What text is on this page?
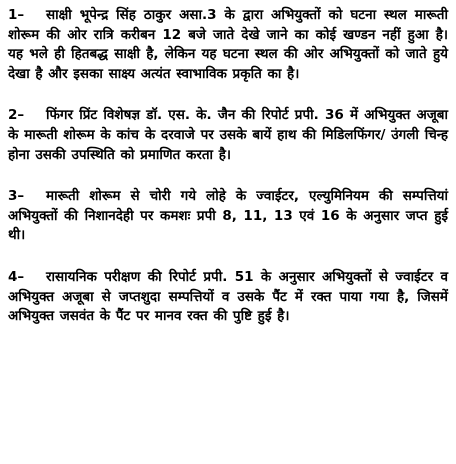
1– साक्षी भूपेन्द्र सिंह ठाकुर असा.3 के द्वारा अभियुक्तों को घटना स्थल मारूती शोरूम की ओर रात्रि करीबन 12 बजे जाते देखे जाने का कोई खण्डन नहीं हुआ है। यह भले ही हितबद्ध साक्षी है, लेकिन यह घटना स्थल की ओर अभियुक्तों को जाते हुये देखा है और इसका साक्ष्य अत्यंत स्वाभाविक प्रकृति का है।

2– फिंगर प्रिंट विशेषज्ञ डॉ. एस. के. जैन की रिपोर्ट प्रपी. 36 में अभियुक्त अजूबा के मारूती शोरूम के कांच के दरवाजे पर उसके बायें हाथ की मिडिलफिंगर/ उंगली चिन्ह होना उसकी उपस्थिति को प्रमाणित करता है।

3– मारूती शोरूम से चोरी गये लोहे के ज्वाईटर, एल्युमिनियम की सम्पत्तियां अभियुक्तों की निशानदेही पर कमशः प्रपी 8, 11, 13 एवं 16 के अनुसार जप्त हुई थी।

4– रासायनिक परीक्षण की रिपोर्ट प्रपी. 51 के अनुसार अभियुक्तों से ज्वाईटर व अभियुक्त अजूबा से जप्तशुदा सम्पत्तियों व उसके पैंट में रक्त पाया गया है, जिसमें अभियुक्त जसवंत के पैंट पर मानव रक्त की पुष्टि हुई है।
